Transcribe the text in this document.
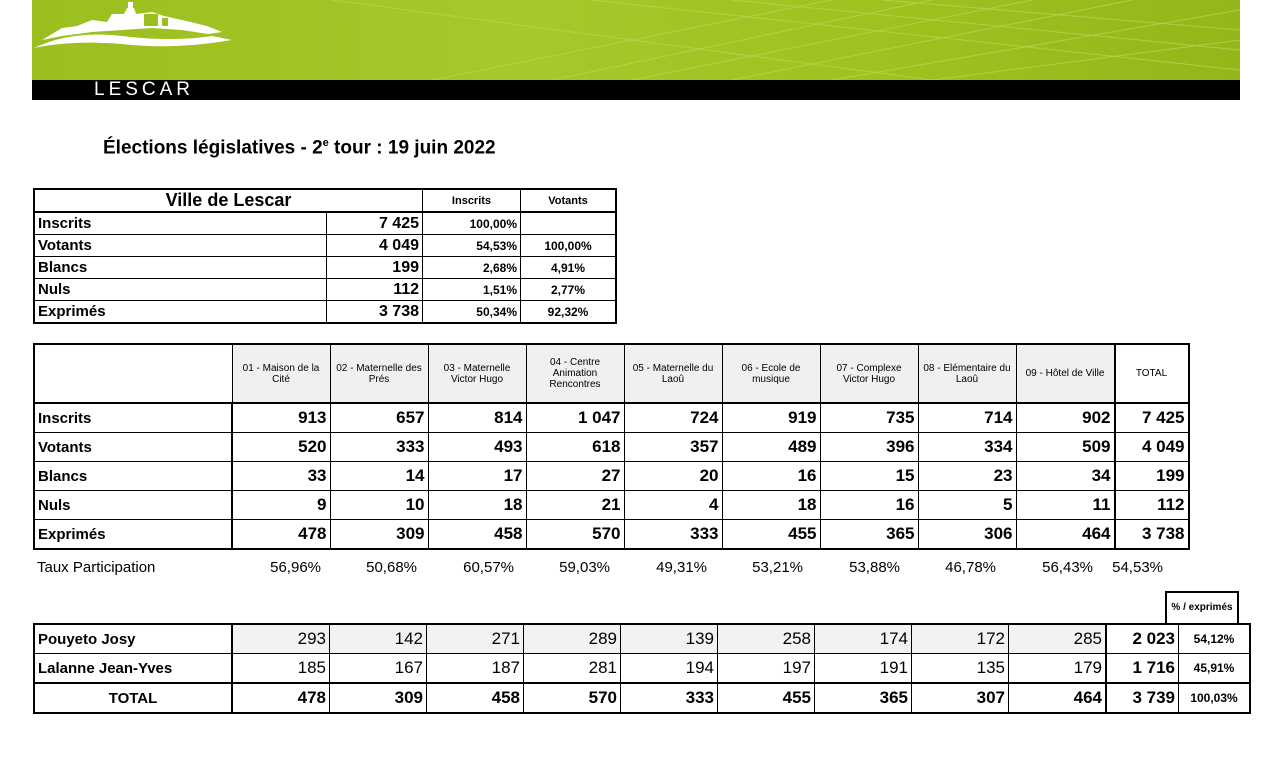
LESCAR
Élections législatives - 2e tour : 19 juin 2022
Ville de Lescar		Inscrits	Votants
Inscrits	7 425	100,00%	
Votants	4 049	54,53%	100,00%
Blancs	199	2,68%	4,91%
Nuls	112	1,51%	2,77%
Exprimés	3 738	50,34%	92,32%
	01 - Maison de la Cité	02 - Maternelle des Prés	03 - Maternelle Victor Hugo	04 - Centre Animation Rencontres	05 - Maternelle du Laoû	06 - Ecole de musique	07 - Complexe Victor Hugo	08 - Elémentaire du Laoû	09 - Hôtel de Ville	TOTAL
Inscrits	913	657	814	1 047	724	919	735	714	902	7 425
Votants	520	333	493	618	357	489	396	334	509	4 049
Blancs	33	14	17	27	20	16	15	23	34	199
Nuls	9	10	18	21	4	18	16	5	11	112
Exprimés	478	309	458	570	333	455	365	306	464	3 738
Taux Participation	56,96%	50,68%	60,57%	59,03%	49,31%	53,21%	53,88%	46,78%	56,43% 54,53%
% / exprimés
Pouyeto Josy	293	142	271	289	139	258	174	172	285	2 023	54,12%
Lalanne Jean-Yves	185	167	187	281	194	197	191	135	179	1 716	45,91%
TOTAL	478	309	458	570	333	455	365	307	464	3 739	100,03%
